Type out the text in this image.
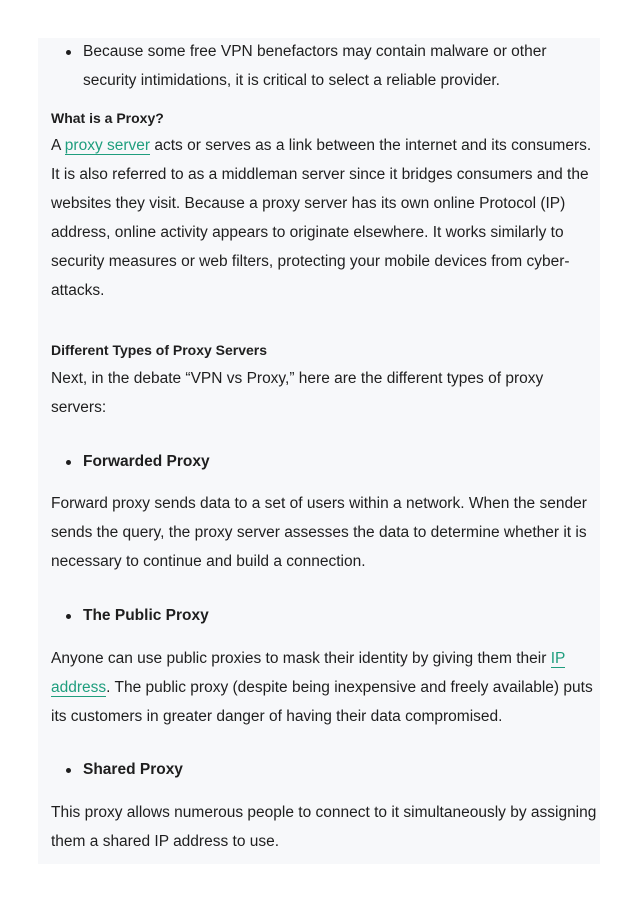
Because some free VPN benefactors may contain malware or other
security intimidations, it is critical to select a reliable provider.
What is a Proxy?
A proxy server acts or serves as a link between the internet and its consumers.
It is also referred to as a middleman server since it bridges consumers and the
websites they visit. Because a proxy server has its own online Protocol (IP)
address, online activity appears to originate elsewhere. It works similarly to
security measures or web filters, protecting your mobile devices from cyber-
attacks.
Different Types of Proxy Servers
Next, in the debate “VPN vs Proxy,” here are the different types of proxy
servers:
Forwarded Proxy
Forward proxy sends data to a set of users within a network. When the sender
sends the query, the proxy server assesses the data to determine whether it is
necessary to continue and build a connection.
The Public Proxy
Anyone can use public proxies to mask their identity by giving them their IP
address. The public proxy (despite being inexpensive and freely available) puts
its customers in greater danger of having their data compromised.
Shared Proxy
This proxy allows numerous people to connect to it simultaneously by assigning
them a shared IP address to use.
